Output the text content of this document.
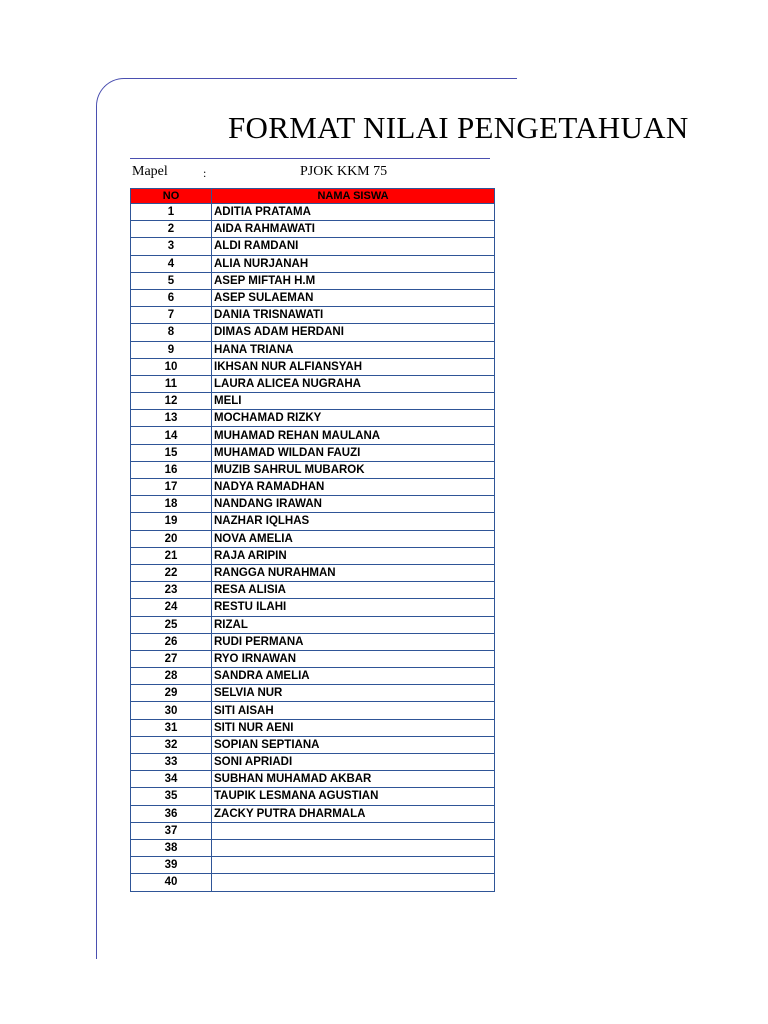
FORMAT NILAI PENGETAHUAN
Mapel	:	PJOK KKM 75
NO	NAMA SISWA
1	ADITIA PRATAMA
2	AIDA RAHMAWATI
3	ALDI RAMDANI
4	ALIA NURJANAH
5	ASEP MIFTAH H.M
6	ASEP SULAEMAN
7	DANIA TRISNAWATI
8	DIMAS ADAM HERDANI
9	HANA TRIANA
10	IKHSAN NUR ALFIANSYAH
11	LAURA ALICEA NUGRAHA
12	MELI
13	MOCHAMAD RIZKY
14	MUHAMAD REHAN MAULANA
15	MUHAMAD WILDAN FAUZI
16	MUZIB SAHRUL MUBAROK
17	NADYA RAMADHAN
18	NANDANG IRAWAN
19	NAZHAR IQLHAS
20	NOVA AMELIA
21	RAJA ARIPIN
22	RANGGA NURAHMAN
23	RESA ALISIA
24	RESTU ILAHI
25	RIZAL
26	RUDI PERMANA
27	RYO IRNAWAN
28	SANDRA AMELIA
29	SELVIA NUR
30	SITI AISAH
31	SITI NUR AENI
32	SOPIAN SEPTIANA
33	SONI APRIADI
34	SUBHAN MUHAMAD AKBAR
35	TAUPIK LESMANA AGUSTIAN
36	ZACKY PUTRA DHARMALA
37	
38	
39	
40	
